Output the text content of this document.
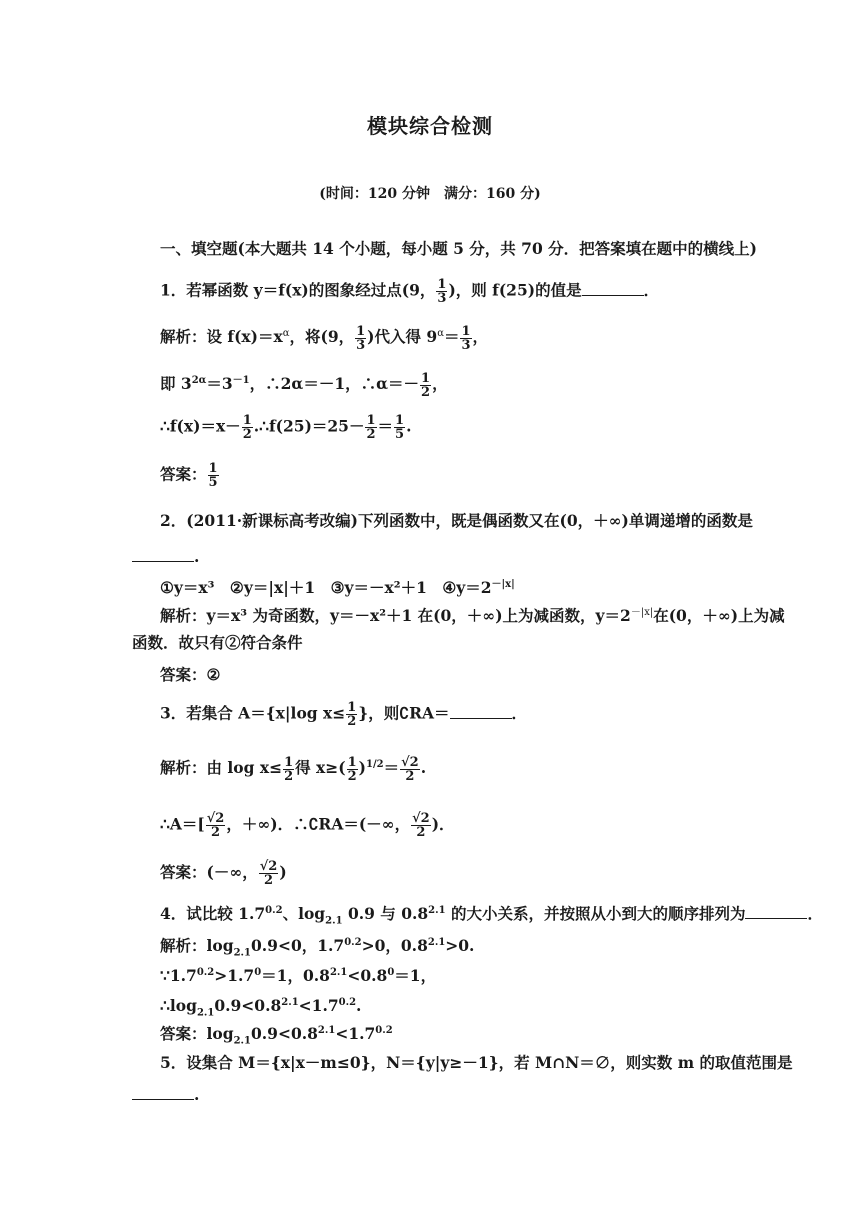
模块综合检测
(时间：120 分钟　满分：160 分)
一、填空题(本大题共 14 个小题，每小题 5 分，共 70 分．把答案填在题中的横线上)
1．若幂函数 y＝f(x)的图象经过点(9， $\frac{1}{3}$ )，则 f(25)的值是	．
解析：设 $f(x)=x^\alpha$，将(9， $\frac{1}{3}$ )代入得 $9^\alpha= \frac{1}{3}$ ，
即 $3^{2\alpha}=3^{-1}$，∴2α＝－1，∴α＝－ $\frac{1}{2}$ ，
∴f(x)＝x－ $\frac{1}{2}$ .∴f(25)＝25－ $\frac{1}{2} = \frac{1}{5}$ .
答案： $\frac{1}{5}$
2．(2011·新课标高考改编)下列函数中，既是偶函数又在(0，＋∞)单调递增的函数是
.
①y＝x³　②y＝|x|＋1　③y＝－x²＋1　$④y=2^{-|x|}$
解析：y＝x³ 为奇函数，y＝－x²＋1 在(0，＋∞)上为减函数，$y=2^{-|x|}$在(0，＋∞)上为减
函数．故只有②符合条件
答案：②
3．若集合 A＝{x|log $x\le \frac{1}{2}$ }，则∁RA＝	．
解析：由 $\log x\le \frac{1}{2}$ 得 $x\ge( \frac{1}{2} )^{1/2}= \frac{√2}{2}$ .
∴A＝[ $\frac{√2}{2}$ ，＋∞)．∴∁RA＝(－∞， $\frac{√2}{2}$ )．
答案：(－∞， $\frac{√2}{2}$ )
4．试比较 $1.7^{0.2}$、$\log_{2.1} 0.9$ 与 $0.8^{2.1}$ 的大小关系，并按照从小到大的顺序排列为	．
解析：$\log_{2.1}0.9<0$，$1.7^{0.2}>0$，$0.8^{2.1}>0$.
$\because 1.7^{0.2}>1.7^0=1$，$0.8^{2.1}<0.8^0=1$，
$\therefore\log_{2.1}0.9<0.8^{2.1}<1.7^{0.2}$.
答案：$\log_{2.1}0.9<0.8^{2.1}<1.7^{0.2}$
5．设集合 M＝{x|x－m≤0}，N＝{y|y≥－1}，若 M∩N＝∅，则实数 m 的取值范围是
.
